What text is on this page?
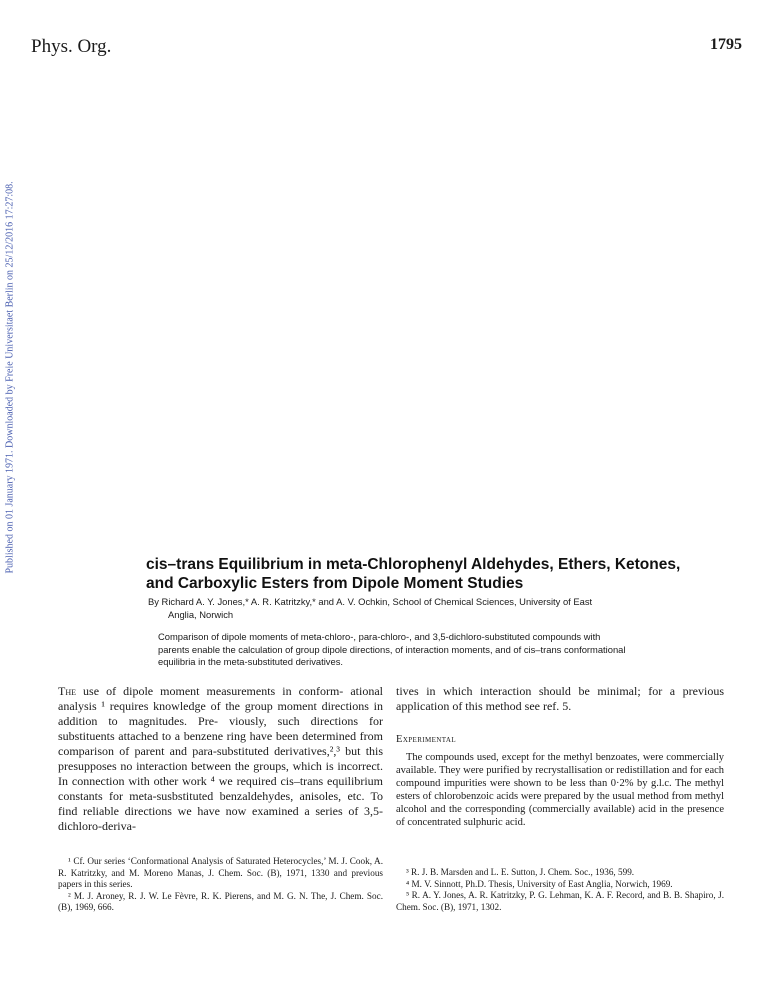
Phys. Org.	1795
Published on 01 January 1971. Downloaded by Freie Universitaet Berlin on 25/12/2016 17:27:08.	cis–trans Equilibrium in meta-Chlorophenyl Aldehydes, Ethers, Ketones,
and Carboxylic Esters from Dipole Moment Studies
By Richard A. Y. Jones,* A. R. Katritzky,* and A. V. Ochkin, School of Chemical Sciences, University of East
Anglia, Norwich
Comparison of dipole moments of meta-chloro-, para-chloro-, and 3,5-dichloro-substituted compounds with
parents enable the calculation of group dipole directions, of interaction moments, and of cis–trans conformational
equilibria in the meta-substituted derivatives.

The use of dipole moment measurements in conform- ational analysis ¹ requires knowledge of the group moment directions in addition to magnitudes. Pre- viously, such directions for substituents attached to a benzene ring have been determined from comparison of parent and para-substituted derivatives,²,³ but this presupposes no interaction between the groups, which is incorrect. In connection with other work ⁴ we required cis–trans equilibrium constants for meta-susbstituted benzaldehydes, anisoles, etc. To find reliable directions we have now examined a series of 3,5-dichloro-deriva-

tives in which interaction should be minimal; for a previous application of this method see ref. 5.

Experimental

The compounds used, except for the methyl benzoates, were commercially available. They were purified by recrystallisation or redistillation and for each compound impurities were shown to be less than 0·2% by g.l.c. The methyl esters of chlorobenzoic acids were prepared by the usual method from methyl alcohol and the corresponding (commercially available) acid in the presence of concentrated sulphuric acid.

¹ Cf. Our series ‘Conformational Analysis of Saturated Heterocycles,’ M. J. Cook, A. R. Katritzky, and M. Moreno Manas, J. Chem. Soc. (B), 1971, 1330 and previous papers in this series.

² M. J. Aroney, R. J. W. Le Fèvre, R. K. Pierens, and M. G. N. The, J. Chem. Soc. (B), 1969, 666.

³ R. J. B. Marsden and L. E. Sutton, J. Chem. Soc., 1936, 599.

⁴ M. V. Sinnott, Ph.D. Thesis, University of East Anglia, Norwich, 1969.

⁵ R. A. Y. Jones, A. R. Katritzky, P. G. Lehman, K. A. F. Record, and B. B. Shapiro, J. Chem. Soc. (B), 1971, 1302.
